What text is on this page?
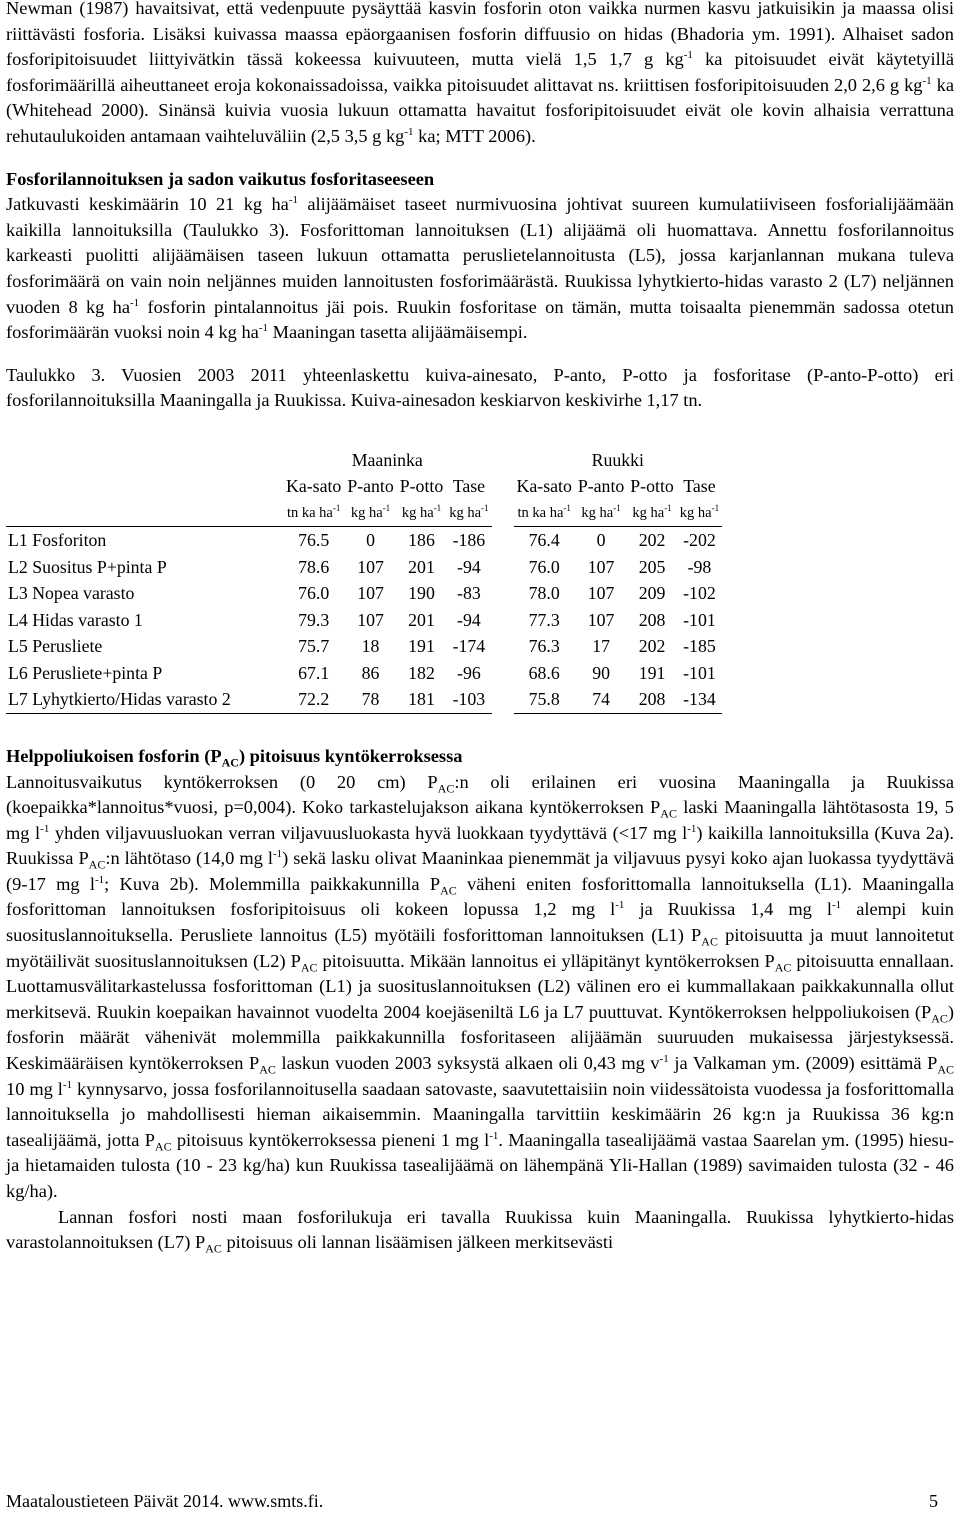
Newman (1987) havaitsivat, että vedenpuute pysäyttää kasvin fosforin oton vaikka nurmen kasvu jatkuisikin ja maassa olisi riittävästi fosforia. Lisäksi kuivassa maassa epäorgaanisen fosforin diffuusio on hidas (Bhadoria ym. 1991). Alhaiset sadon fosforipitoisuudet liittyivätkin tässä kokeessa kuivuuteen, mutta vielä 1,5 1,7 g $kg^{-1}$ ka pitoisuudet eivät käytetyillä fosforimäärillä aiheuttaneet eroja kokonaissadoissa, vaikka pitoisuudet alittavat ns. kriittisen fosforipitoisuuden 2,0 2,6 g $kg^{-1}$ ka (Whitehead 2000). Sinänsä kuivia vuosia lukuun ottamatta havaitut fosforipitoisuudet eivät ole kovin alhaisia verrattuna rehutaulukoiden antamaan vaihteluväliin (2,5 3,5 g $kg^{-1}$ ka; MTT 2006).

Fosforilannoituksen ja sadon vaikutus fosforitaseeseen

Jatkuvasti keskimäärin 10 21 kg $ha^{-1}$ alijäämäiset taseet nurmivuosina johtivat suureen kumulatiiviseen fosforialijäämään kaikilla lannoituksilla (Taulukko 3). Fosforittoman lannoituksen (L1) alijäämä oli huomattava. Annettu fosforilannoitus karkeasti puolitti alijäämäisen taseen lukuun ottamatta peruslietelannoitusta (L5), jossa karjanlannan mukana tuleva fosforimäärä on vain noin neljännes muiden lannoitusten fosforimäärästä. Ruukissa lyhytkierto-hidas varasto 2 (L7) neljännen vuoden 8 kg $ha^{-1}$ fosforin pintalannoitus jäi pois. Ruukin fosforitase on tämän, mutta toisaalta pienemmän sadossa otetun fosforimäärän vuoksi noin 4 kg $ha^{-1}$ Maaningan tasetta alijäämäisempi.

Taulukko 3. Vuosien 2003 2011 yhteenlaskettu kuiva-ainesato, P-anto, P-otto ja fosforitase (P-anto-P-otto) eri fosforilannoituksilla Maaningalla ja Ruukissa. Kuiva-ainesadon keskiarvon keskivirhe 1,17 tn.

	Maaninka					Ruukki			
	Ka-sato	P-anto	P-otto	Tase		Ka-sato	P-anto	P-otto	Tase
	tn ka $ha^{-1}$	kg $ha^{-1}$	kg $ha^{-1}$	kg $ha^{-1}$		tn ka $ha^{-1}$	kg $ha^{-1}$	kg $ha^{-1}$	kg $ha^{-1}$
L1 Fosforiton	76.5	0	186	-186		76.4	0	202	-202
L2 Suositus P+pinta P	78.6	107	201	-94		76.0	107	205	-98
L3 Nopea varasto	76.0	107	190	-83		78.0	107	209	-102
L4 Hidas varasto 1	79.3	107	201	-94		77.3	107	208	-101
L5 Perusliete	75.7	18	191	-174		76.3	17	202	-185
L6 Perusliete+pinta P	67.1	86	182	-96		68.6	90	191	-101
L7 Lyhytkierto/Hidas varasto 2	72.2	78	181	-103		75.8	74	208	-134

Helppoliukoisen fosforin $(P_{AC})$ pitoisuus kyntökerroksessa

Lannoitusvaikutus kyntökerroksen (0 20 cm) $P_{AC}:n$ oli erilainen eri vuosina Maaningalla ja Ruukissa (koepaikka*lannoitus*vuosi, p=0,004). Koko tarkastelujakson aikana kyntökerroksen $P_{AC}$ laski Maaningalla lähtötasosta 19, 5 mg $l^{-1}$ yhden viljavuusluokan verran viljavuusluokasta hyvä luokkaan tyydyttävä (<17 mg $l^{-1}$) kaikilla lannoituksilla (Kuva 2a). Ruukissa $P_{AC}:n$ lähtötaso (14,0 mg $l^{-1}$) sekä lasku olivat Maaninkaa pienemmät ja viljavuus pysyi koko ajan luokassa tyydyttävä (9-17 mg $l^{-1}$; Kuva 2b). Molemmilla paikkakunnilla $P_{AC}$ väheni eniten fosforittomalla lannoituksella (L1). Maaningalla fosforittoman lannoituksen fosforipitoisuus oli kokeen lopussa 1,2 mg $l^{-1}$ ja Ruukissa 1,4 mg $l^{-1}$ alempi kuin suosituslannoituksella. Perusliete lannoitus (L5) myötäili fosforittoman lannoituksen (L1) $P_{AC}$ pitoisuutta ja muut lannoitetut myötäilivät suosituslannoituksen (L2) $P_{AC}$ pitoisuutta. Mikään lannoitus ei ylläpitänyt kyntökerroksen $P_{AC}$ pitoisuutta ennallaan. Luottamusvälitarkastelussa fosforittoman (L1) ja suosituslannoituksen (L2) välinen ero ei kummallakaan paikkakunnalla ollut merkitsevä. Ruukin koepaikan havainnot vuodelta 2004 koejäseniltä L6 ja L7 puuttuvat. Kyntökerroksen helppoliukoisen $(P_{AC})$ fosforin määrät vähenivät molemmilla paikkakunnilla fosforitaseen alijäämän suuruuden mukaisessa järjestyksessä. Keskimääräisen kyntökerroksen $P_{AC}$ laskun vuoden 2003 syksystä alkaen oli 0,43 mg $v^{-1}$ ja Valkaman ym. (2009) esittämä $P_{AC}$ 10 mg $l^{-1}$ kynnysarvo, jossa fosforilannoitusella saadaan satovaste, saavutettaisiin noin viidessätoista vuodessa ja fosforittomalla lannoituksella jo mahdollisesti hieman aikaisemmin. Maaningalla tarvittiin keskimäärin 26 kg:n ja Ruukissa 36 kg:n tasealijäämä, jotta $P_{AC}$ pitoisuus kyntökerroksessa pieneni 1 mg $l^{-1}$. Maaningalla tasealijäämä vastaa Saarelan ym. (1995) hiesu- ja hietamaiden tulosta (10 - 23 kg/ha) kun Ruukissa tasealijäämä on lähempänä Yli-Hallan (1989) savimaiden tulosta (32 - 46 kg/ha).

Lannan fosfori nosti maan fosforilukuja eri tavalla Ruukissa kuin Maaningalla. Ruukissa lyhytkierto-hidas varastolannoituksen (L7) $P_{AC}$ pitoisuus oli lannan lisäämisen jälkeen merkitsevästi

Maataloustieteen Päivät 2014. www.smts.fi.	5
